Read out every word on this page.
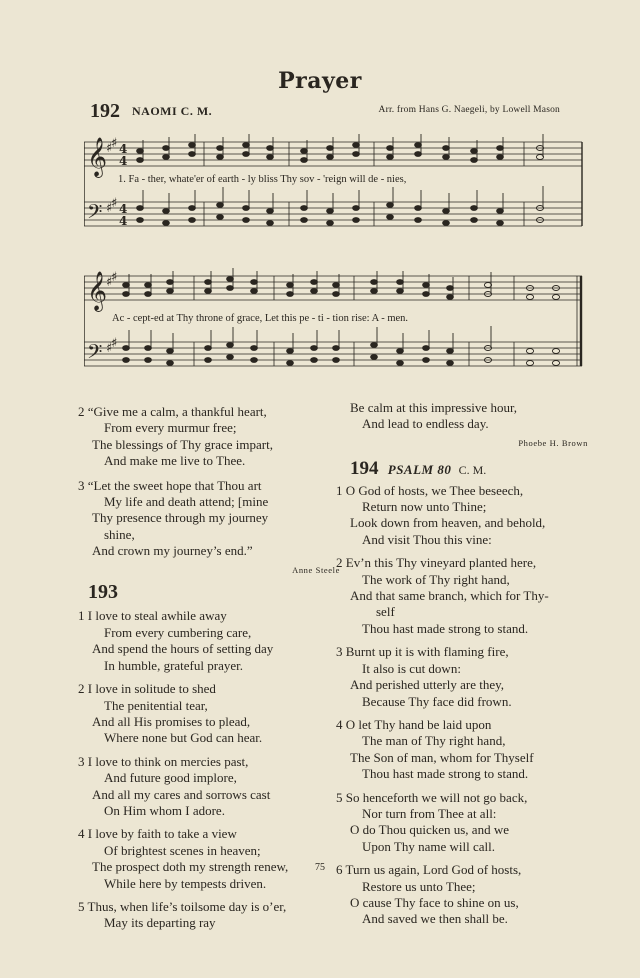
Prayer
192 NAOMI C. M.	Arr. from Hans G. Naegeli, by Lowell Mason
𝄞
𝄢
♯
♯
♯
♯
4
4
4
4
1. Fa - ther, whate'er of earth - ly bliss Thy sov - 'reign will de - nies,
𝄞
𝄢
♯
♯
♯
♯
Ac - cept-ed at Thy throne of grace, Let this pe - ti - tion rise: A - men.
2 “Give me a calm, a thankful heart,
From every murmur free;
The blessings of Thy grace impart,
And make me live to Thee.
3 “Let the sweet hope that Thou art
My life and death attend; [mine
Thy presence through my journey
shine,
And crown my journey’s end.”
Anne Steele
193
1 I love to steal awhile away
From every cumbering care,
And spend the hours of setting day
In humble, grateful prayer.
2 I love in solitude to shed
The penitential tear,
And all His promises to plead,
Where none but God can hear.
3 I love to think on mercies past,
And future good implore,
And all my cares and sorrows cast
On Him whom I adore.
4 I love by faith to take a view
Of brightest scenes in heaven;
The prospect doth my strength renew,
While here by tempests driven.
5 Thus, when life’s toilsome day is o’er,
May its departing ray
Be calm at this impressive hour,
And lead to endless day.
Phoebe H. Brown
194 PSALM 80 C. M.
1 O God of hosts, we Thee beseech,
Return now unto Thine;
Look down from heaven, and behold,
And visit Thou this vine:
2 Ev’n this Thy vineyard planted here,
The work of Thy right hand,
And that same branch, which for Thy-
self
Thou hast made strong to stand.
3 Burnt up it is with flaming fire,
It also is cut down:
And perished utterly are they,
Because Thy face did frown.
4 O let Thy hand be laid upon
The man of Thy right hand,
The Son of man, whom for Thyself
Thou hast made strong to stand.
5 So henceforth we will not go back,
Nor turn from Thee at all:
O do Thou quicken us, and we
Upon Thy name will call.
6 Turn us again, Lord God of hosts,
Restore us unto Thee;
O cause Thy face to shine on us,
And saved we then shall be.
75
